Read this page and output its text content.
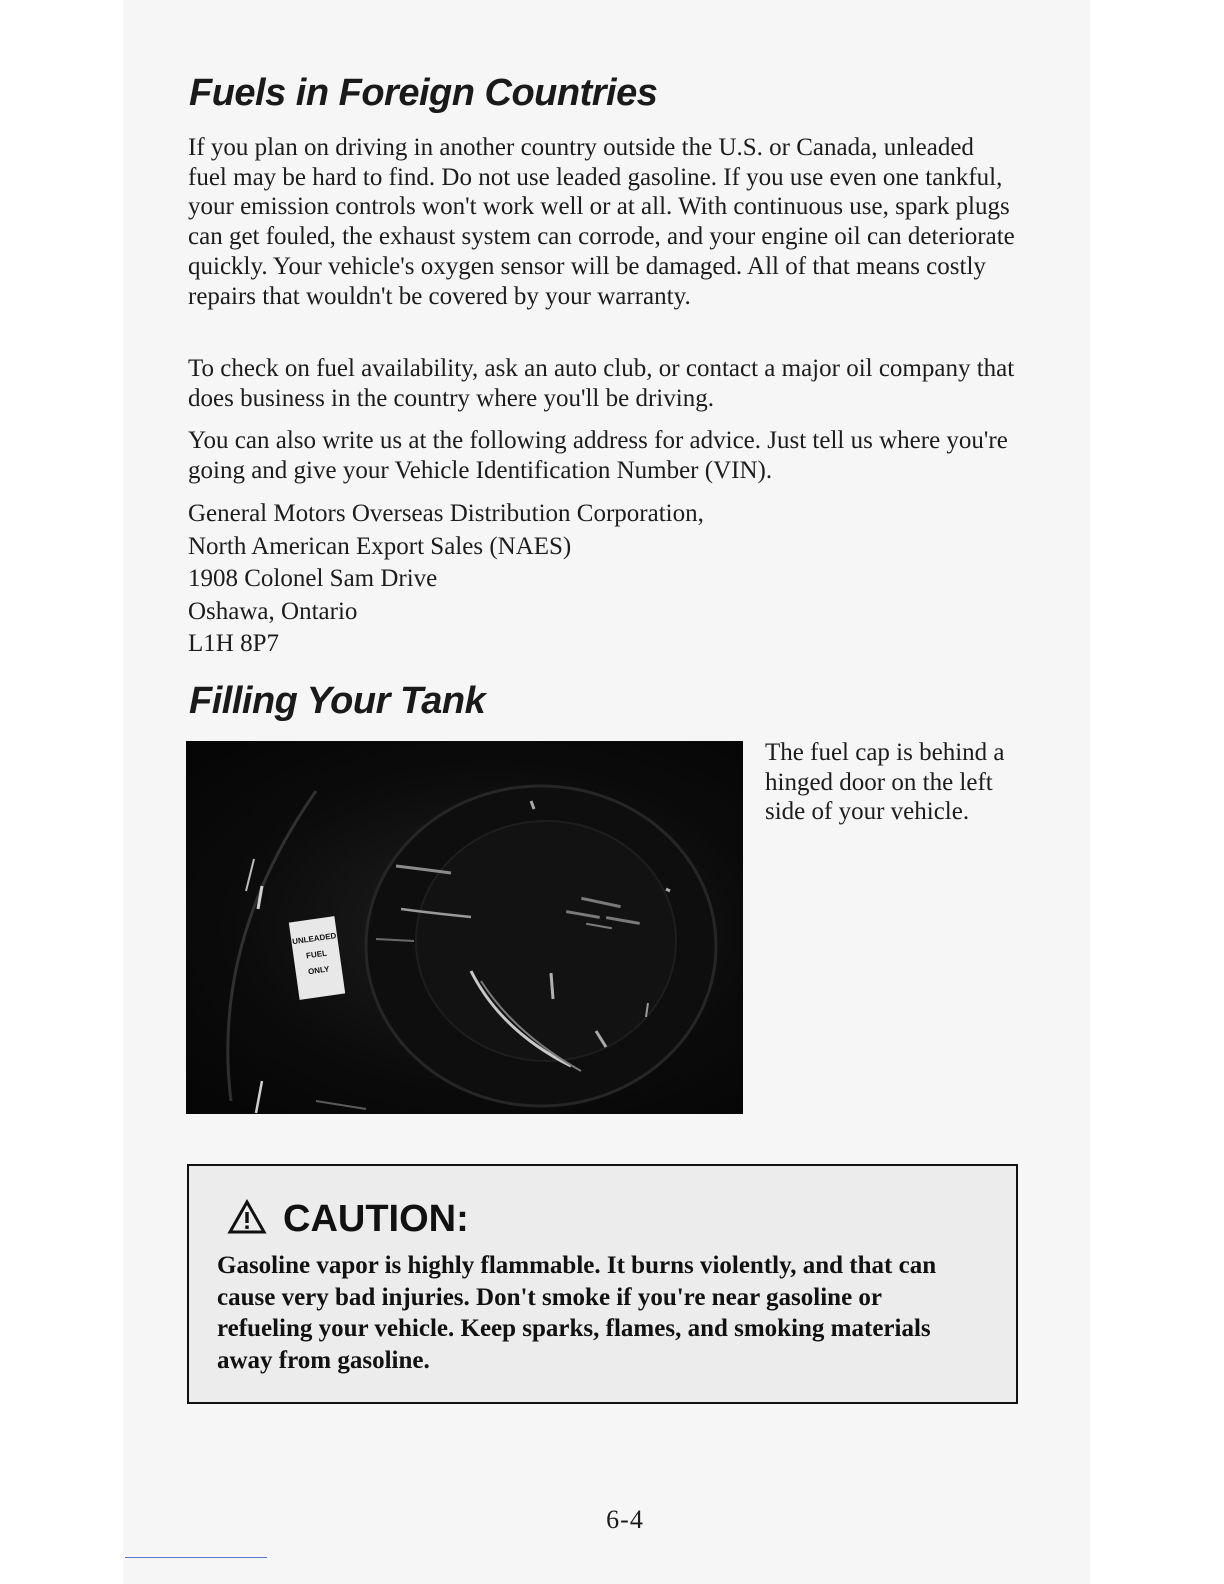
Fuels in Foreign Countries

If you plan on driving in another country outside the U.S. or Canada, unleaded fuel may be hard to find. Do not use leaded gasoline. If you use even one tankful, your emission controls won't work well or at all. With continuous use, spark plugs can get fouled, the exhaust system can corrode, and your engine oil can deteriorate quickly. Your vehicle's oxygen sensor will be damaged. All of that means costly repairs that wouldn't be covered by your warranty.

To check on fuel availability, ask an auto club, or contact a major oil company that does business in the country where you'll be driving.

You can also write us at the following address for advice. Just tell us where you're going and give your Vehicle Identification Number (VIN).

General Motors Overseas Distribution Corporation,
North American Export Sales (NAES)
1908 Colonel Sam Drive
Oshawa, Ontario
L1H 8P7
Filling Your Tank
UNLEADED
FUEL
ONLY

The fuel cap is behind a hinged door on the left side of your vehicle.

CAUTION:

Gasoline vapor is highly flammable. It burns violently, and that can cause very bad injuries. Don't smoke if you're near gasoline or refueling your vehicle. Keep sparks, flames, and smoking materials away from gasoline.

6-4
